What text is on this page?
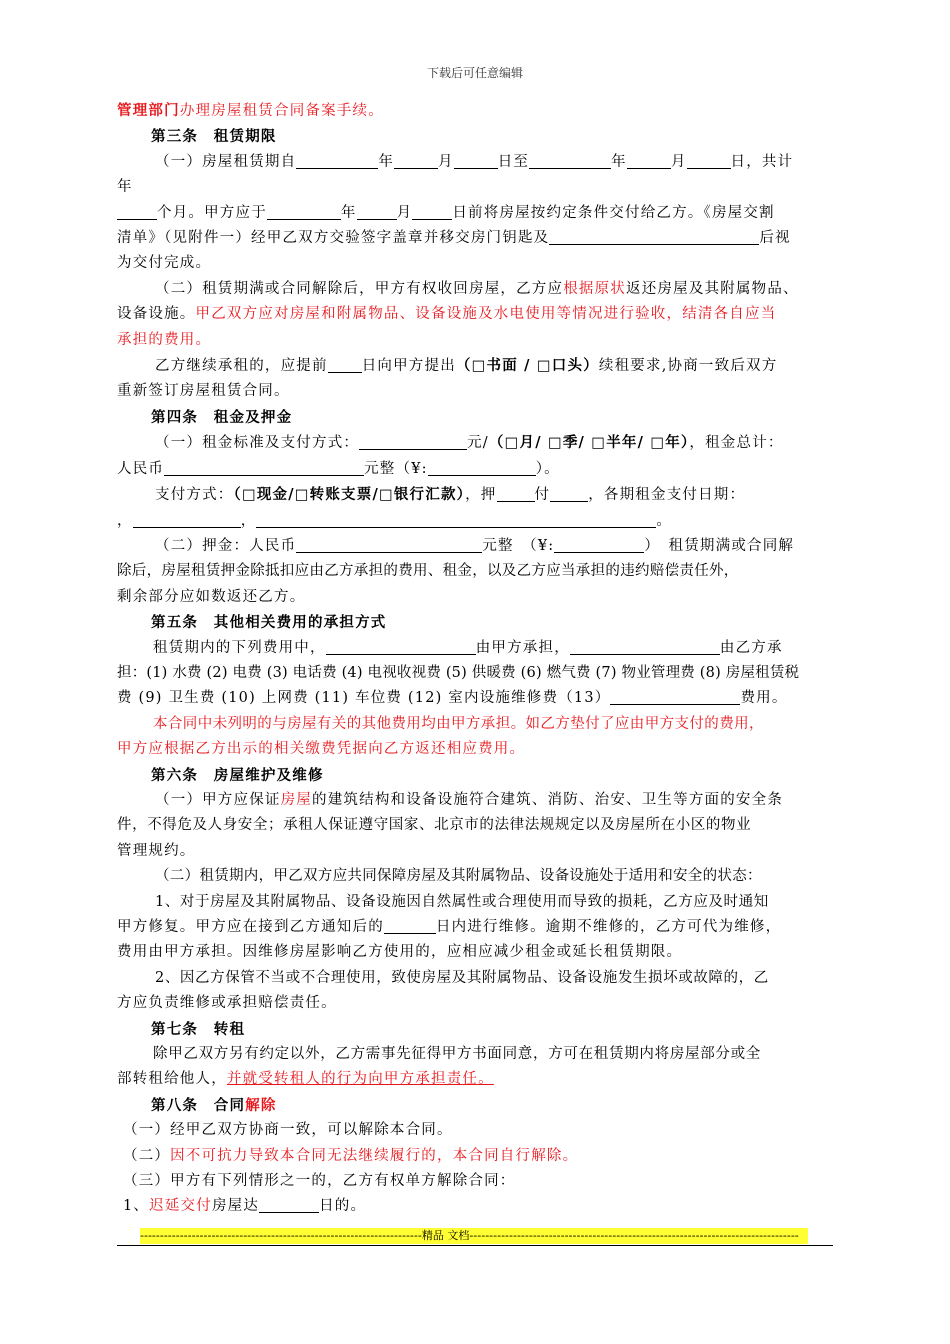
下载后可任意编辑

管理部门办理房屋租赁合同备案手续。

第三条　租赁期限

（一）房屋租赁期自	年	月	日至	年	月	日，共计

年

个月。甲方应于	年	月	日前将房屋按约定条件交付给乙方。《房屋交割

清单》（见附件一）经甲乙双方交验签字盖章并移交房门钥匙及	后视

为交付完成。

（二）租赁期满或合同解除后，甲方有权收回房屋，乙方应根据原状返还房屋及其附属物品、

设备设施。甲乙双方应对房屋和附属物品、设备设施及水电使用等情况进行验收，结清各自应当

承担的费用。

乙方继续承租的，应提前 日向甲方提出（□书面 / □口头）续租要求,协商一致后双方

重新签订房屋租赁合同。

第四条　租金及押金

（一）租金标准及支付方式：	元/（□月/ □季/ □半年/ □年），租金总计：

人民币	元整（¥:	）。

支付方式：（□现金/□转账支票/□银行汇款），押	付	，各期租金支付日期：

，	，	。

（二）押金：人民币	元整　（¥:	）　租赁期满或合同解

除后，房屋租赁押金除抵扣应由乙方承担的费用、租金，以及乙方应当承担的违约赔偿责任外，

剩余部分应如数返还乙方。

第五条　其他相关费用的承担方式

租赁期内的下列费用中，	由甲方承担，	由乙方承

担：(1) 水费 (2) 电费 (3) 电话费 (4) 电视收视费 (5) 供暖费 (6) 燃气费 (7) 物业管理费 (8) 房屋租赁税

费 (9) 卫生费 (10) 上网费 (11) 车位费 (12) 室内设施维修费（13）	费用。

本合同中未列明的与房屋有关的其他费用均由甲方承担。如乙方垫付了应由甲方支付的费用，

甲方应根据乙方出示的相关缴费凭据向乙方返还相应费用。

第六条　房屋维护及维修

（一）甲方应保证房屋的建筑结构和设备设施符合建筑、消防、治安、卫生等方面的安全条

件，不得危及人身安全；承租人保证遵守国家、北京市的法律法规规定以及房屋所在小区的物业

管理规约。

（二）租赁期内，甲乙双方应共同保障房屋及其附属物品、设备设施处于适用和安全的状态：

1、对于房屋及其附属物品、设备设施因自然属性或合理使用而导致的损耗，乙方应及时通知

甲方修复。甲方应在接到乙方通知后的	日内进行维修。逾期不维修的，乙方可代为维修，

费用由甲方承担。因维修房屋影响乙方使用的，应相应减少租金或延长租赁期限。

2、因乙方保管不当或不合理使用，致使房屋及其附属物品、设备设施发生损坏或故障的，乙

方应负责维修或承担赔偿责任。

第七条　转租

除甲乙双方另有约定以外，乙方需事先征得甲方书面同意，方可在租赁期内将房屋部分或全

部转租给他人，并就受转租人的行为向甲方承担责任。

第八条　合同解除

（一）经甲乙双方协商一致，可以解除本合同。

（二）因不可抗力导致本合同无法继续履行的，本合同自行解除。

（三）甲方有下列情形之一的，乙方有权单方解除合同：

1、迟延交付房屋达	日的。

-----------------------------------------------------------------------精品 文档-----------------------------------------------------------------------------------
